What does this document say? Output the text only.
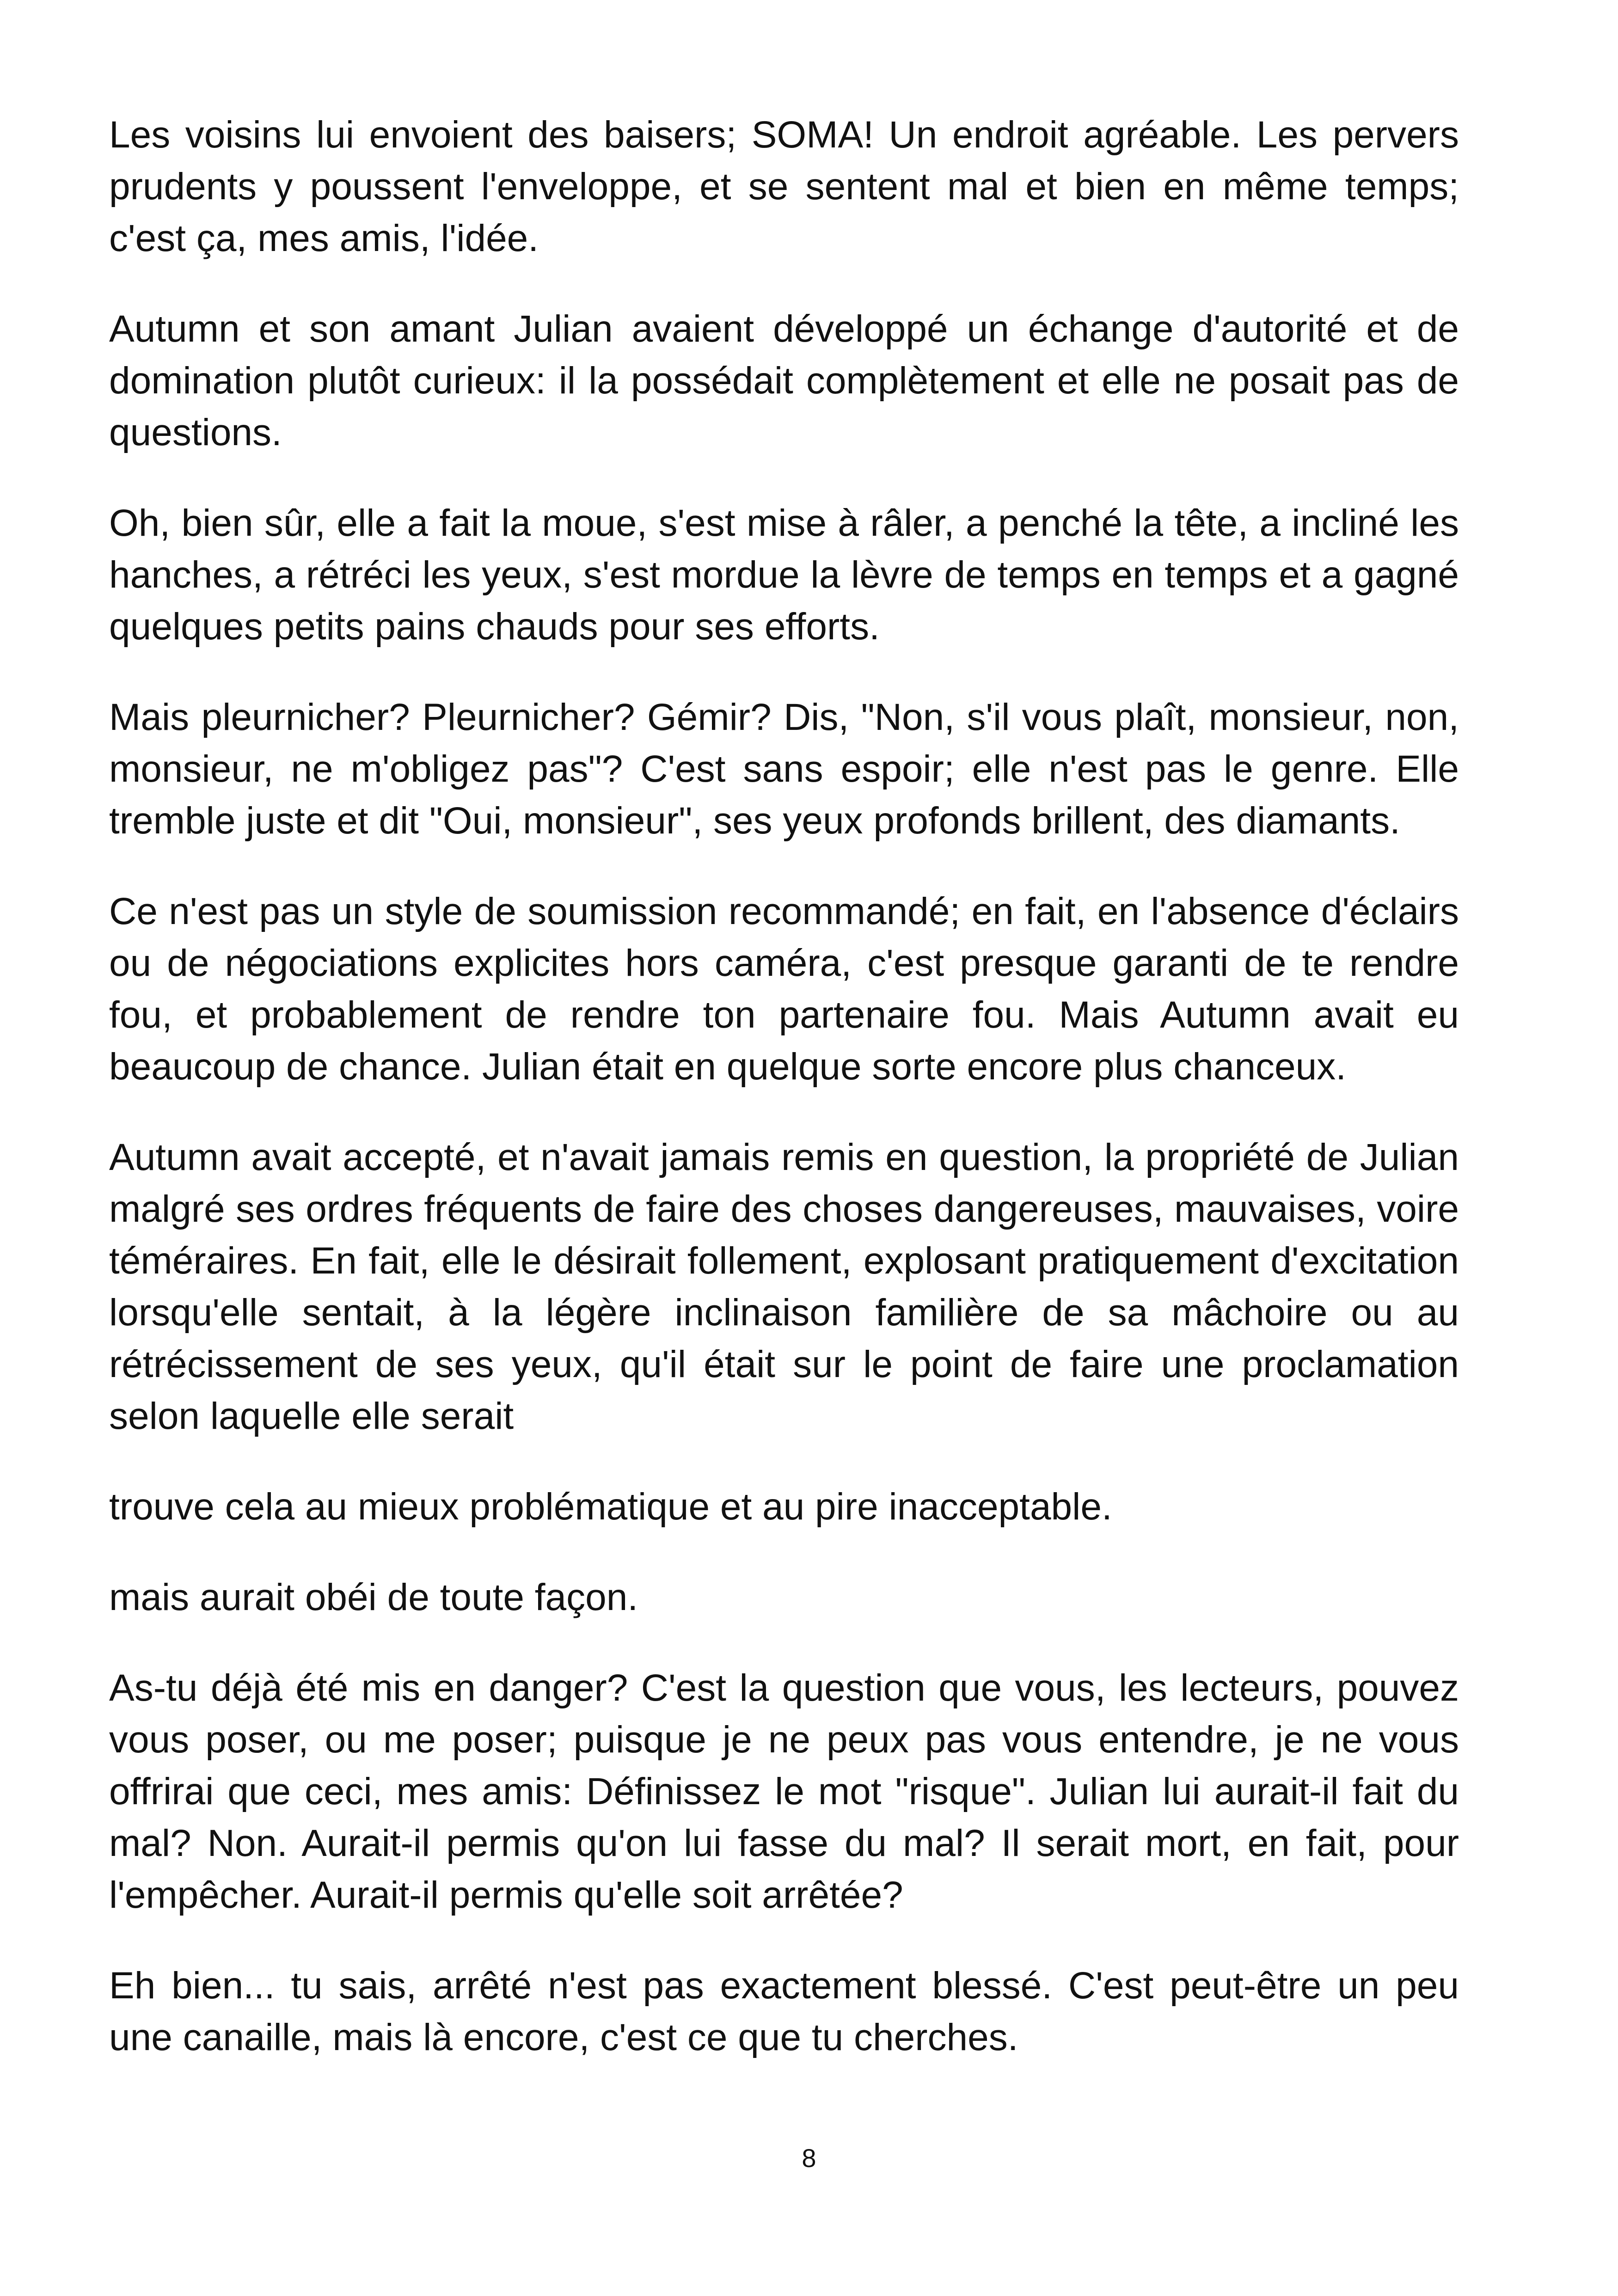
Les voisins lui envoient des baisers; SOMA! Un endroit agréable. Les pervers prudents y poussent l'enveloppe, et se sentent mal et bien en même temps; c'est ça, mes amis, l'idée.

Autumn et son amant Julian avaient développé un échange d'autorité et de domination plutôt curieux: il la possédait complètement et elle ne posait pas de questions.

Oh, bien sûr, elle a fait la moue, s'est mise à râler, a penché la tête, a incliné les hanches, a rétréci les yeux, s'est mordue la lèvre de temps en temps et a gagné quelques petits pains chauds pour ses efforts.

Mais pleurnicher? Pleurnicher? Gémir? Dis, "Non, s'il vous plaît, monsieur, non, monsieur, ne m'obligez pas"? C'est sans espoir; elle n'est pas le genre. Elle tremble juste et dit "Oui, monsieur", ses yeux profonds brillent, des diamants.

Ce n'est pas un style de soumission recommandé; en fait, en l'absence d'éclairs ou de négociations explicites hors caméra, c'est presque garanti de te rendre fou, et probablement de rendre ton partenaire fou. Mais Autumn avait eu beaucoup de chance. Julian était en quelque sorte encore plus chanceux.

Autumn avait accepté, et n'avait jamais remis en question, la propriété de Julian malgré ses ordres fréquents de faire des choses dangereuses, mauvaises, voire téméraires. En fait, elle le désirait follement, explosant pratiquement d'excitation lorsqu'elle sentait, à la légère inclinaison familière de sa mâchoire ou au rétrécissement de ses yeux, qu'il était sur le point de faire une proclamation selon laquelle elle serait

trouve cela au mieux problématique et au pire inacceptable.

mais aurait obéi de toute façon.

As-tu déjà été mis en danger? C'est la question que vous, les lecteurs, pouvez vous poser, ou me poser; puisque je ne peux pas vous entendre, je ne vous offrirai que ceci, mes amis: Définissez le mot "risque". Julian lui aurait-il fait du mal? Non. Aurait-il permis qu'on lui fasse du mal? Il serait mort, en fait, pour l'empêcher. Aurait-il permis qu'elle soit arrêtée?

Eh bien... tu sais, arrêté n'est pas exactement blessé. C'est peut-être un peu une canaille, mais là encore, c'est ce que tu cherches.

8
